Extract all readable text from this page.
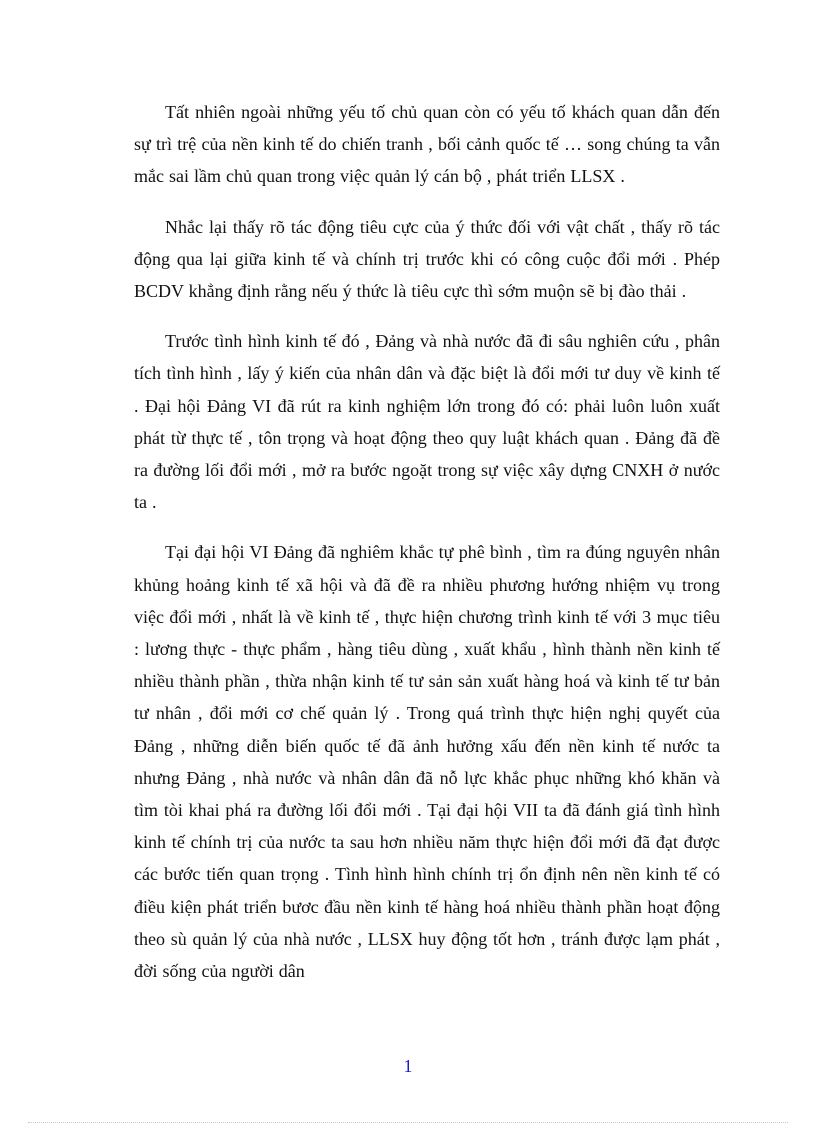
Tất nhiên ngoài những yếu tố chủ quan còn có yếu tố khách quan dẫn đến sự trì trệ của nền kinh tế do chiến tranh , bối cảnh quốc tế … song chúng ta vẫn mắc sai lầm chủ quan trong việc quản lý cán bộ , phát triển LLSX .

Nhắc lại thấy rõ tác động tiêu cực của ý thức đối với vật chất , thấy rõ tác động qua lại giữa kinh tế và chính trị trước khi có công cuộc đổi mới . Phép BCDV khẳng định rằng nếu ý thức là tiêu cực thì sớm muộn sẽ bị đào thải .

Trước tình hình kinh tế đó , Đảng và nhà nước đã đi sâu nghiên cứu , phân tích tình hình , lấy ý kiến của nhân dân và đặc biệt là đổi mới tư duy về kinh tế . Đại hội Đảng VI đã rút ra kinh nghiệm lớn trong đó có: phải luôn luôn xuất phát từ thực tế , tôn trọng và hoạt động theo quy luật khách quan . Đảng đã đề ra đường lối đổi mới , mở ra bước ngoặt trong sự việc xây dựng CNXH ở nước ta .

Tại đại hội VI Đảng đã nghiêm khắc tự phê bình , tìm ra đúng nguyên nhân khủng hoảng kinh tế xã hội và đã đề ra nhiều phương hướng nhiệm vụ trong việc đổi mới , nhất là về kinh tế , thực hiện chương trình kinh tế với 3 mục tiêu : lương thực - thực phẩm , hàng tiêu dùng , xuất khẩu , hình thành nền kinh tế nhiều thành phần , thừa nhận kinh tế tư sản sản xuất hàng hoá và kinh tế tư bản tư nhân , đổi mới cơ chế quản lý . Trong quá trình thực hiện nghị quyết của Đảng , những diễn biến quốc tế đã ảnh hưởng xấu đến nền kinh tế nước ta nhưng Đảng , nhà nước và nhân dân đã nỗ lực khắc phục những khó khăn và tìm tòi khai phá ra đường lối đổi mới . Tại đại hội VII ta đã đánh giá tình hình kinh tế chính trị của nước ta sau hơn nhiều năm thực hiện đổi mới đã đạt được các bước tiến quan trọng . Tình hình hình chính trị ổn định nên nền kinh tế có điều kiện phát triển bươc đầu nền kinh tế hàng hoá nhiều thành phần hoạt động theo sù quản lý của nhà nước , LLSX huy động tốt hơn , tránh được lạm phát , đời sống của người dân

1
